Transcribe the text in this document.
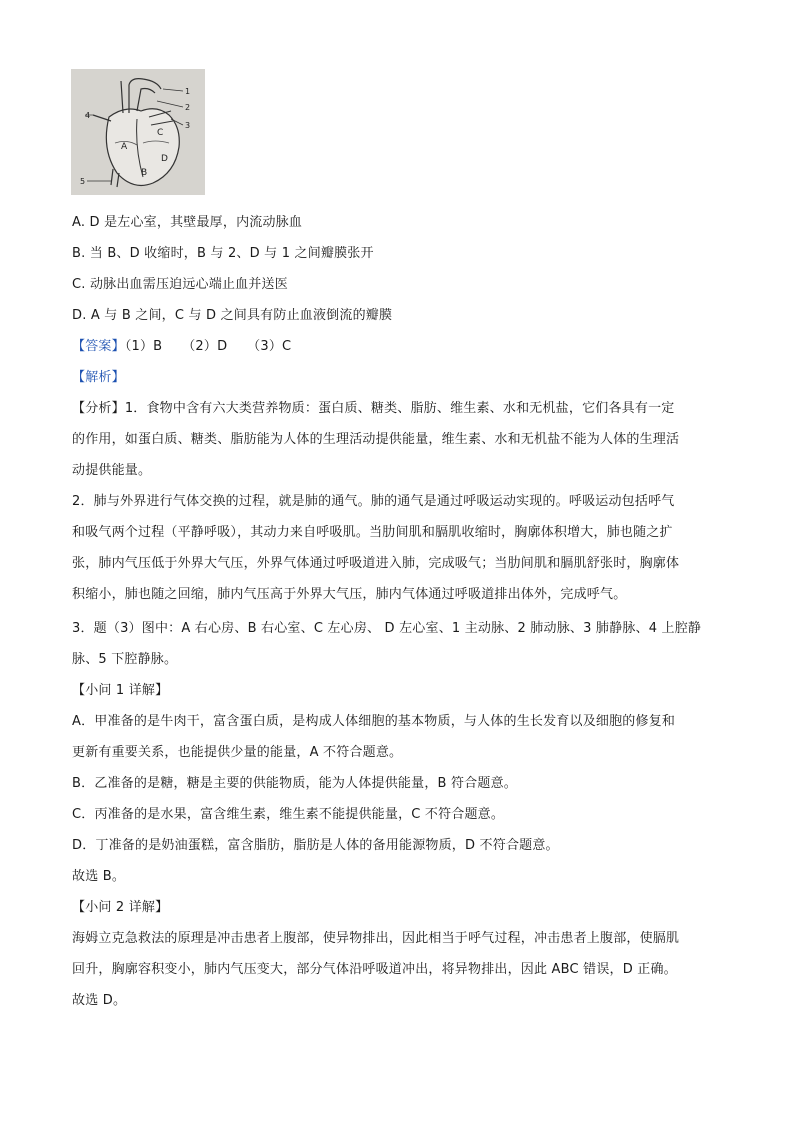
1
2
3
4
5
A
B
C
D
A. D 是左心室，其壁最厚，内流动脉血
B. 当 B、D 收缩时，B 与 2、D 与 1 之间瓣膜张开
C. 动脉出血需压迫远心端止血并送医
D. A 与 B 之间，C 与 D 之间具有防止血液倒流的瓣膜
【答案】（1）B　　（2）D　　（3）C
【解析】
【分析】1．食物中含有六大类营养物质：蛋白质、糖类、脂肪、维生素、水和无机盐，它们各具有一定
的作用，如蛋白质、糖类、脂肪能为人体的生理活动提供能量，维生素、水和无机盐不能为人体的生理活
动提供能量。
2．肺与外界进行气体交换的过程，就是肺的通气。肺的通气是通过呼吸运动实现的。呼吸运动包括呼气
和吸气两个过程（平静呼吸），其动力来自呼吸肌。当肋间肌和膈肌收缩时，胸廓体积增大，肺也随之扩
张，肺内气压低于外界大气压，外界气体通过呼吸道进入肺，完成吸气；当肋间肌和膈肌舒张时，胸廓体
积缩小，肺也随之回缩，肺内气压高于外界大气压，肺内气体通过呼吸道排出体外，完成呼气。
3．题（3）图中：A 右心房、B 右心室、C 左心房、 D 左心室、1 主动脉、2 肺动脉、3 肺静脉、4 上腔静
脉、5 下腔静脉。
【小问 1 详解】
A．甲准备的是牛肉干，富含蛋白质，是构成人体细胞的基本物质，与人体的生长发育以及细胞的修复和
更新有重要关系，也能提供少量的能量，A 不符合题意。
B．乙准备的是糖，糖是主要的供能物质，能为人体提供能量，B 符合题意。
C．丙准备的是水果，富含维生素，维生素不能提供能量，C 不符合题意。
D．丁准备的是奶油蛋糕，富含脂肪，脂肪是人体的备用能源物质，D 不符合题意。
故选 B。
【小问 2 详解】
海姆立克急救法的原理是冲击患者上腹部，使异物排出，因此相当于呼气过程，冲击患者上腹部，使膈肌
回升，胸廓容积变小，肺内气压变大，部分气体沿呼吸道冲出，将异物排出，因此 ABC 错误，D 正确。
故选 D。
